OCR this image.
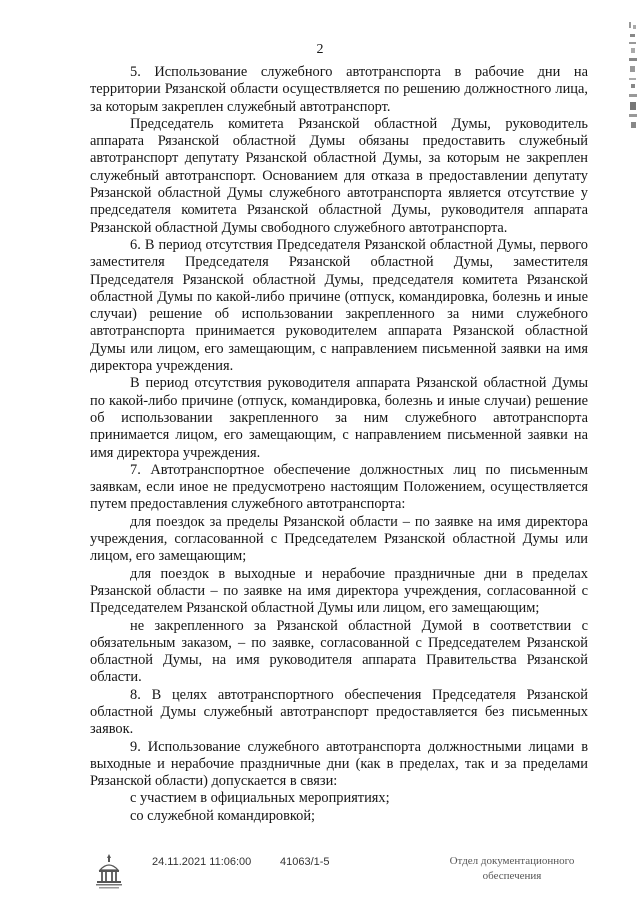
2

5. Использование служебного автотранспорта в рабочие дни на территории Рязанской области осуществляется по решению должностного лица, за которым закреплен служебный автотранспорт.

Председатель комитета Рязанской областной Думы, руководитель аппарата Рязанской областной Думы обязаны предоставить служебный автотранспорт депутату Рязанской областной Думы, за которым не закреплен служебный автотранспорт. Основанием для отказа в предоставлении депутату Рязанской областной Думы служебного автотранспорта является отсутствие у председателя комитета Рязанской областной Думы, руководителя аппарата Рязанской областной Думы свободного служебного автотранспорта.

6. В период отсутствия Председателя Рязанской областной Думы, первого заместителя Председателя Рязанской областной Думы, заместителя Председателя Рязанской областной Думы, председателя комитета Рязанской областной Думы по какой-либо причине (отпуск, командировка, болезнь и иные случаи) решение об использовании закрепленного за ними служебного автотранспорта принимается руководителем аппарата Рязанской областной Думы или лицом, его замещающим, с направлением письменной заявки на имя директора учреждения.

В период отсутствия руководителя аппарата Рязанской областной Думы по какой-либо причине (отпуск, командировка, болезнь и иные случаи) решение об использовании закрепленного за ним служебного автотранспорта принимается лицом, его замещающим, с направлением письменной заявки на имя директора учреждения.

7. Автотранспортное обеспечение должностных лиц по письменным заявкам, если иное не предусмотрено настоящим Положением, осуществляется путем предоставления служебного автотранспорта:

для поездок за пределы Рязанской области – по заявке на имя директора учреждения, согласованной с Председателем Рязанской областной Думы или лицом, его замещающим;

для поездок в выходные и нерабочие праздничные дни в пределах Рязанской области – по заявке на имя директора учреждения, согласованной с Председателем Рязанской областной Думы или лицом, его замещающим;

не закрепленного за Рязанской областной Думой в соответствии с обязательным заказом, – по заявке, согласованной с Председателем Рязанской областной Думы, на имя руководителя аппарата Правительства Рязанской области.

8. В целях автотранспортного обеспечения Председателя Рязанской областной Думы служебный автотранспорт предоставляется без письменных заявок.

9. Использование служебного автотранспорта должностными лицами в выходные и нерабочие праздничные дни (как в пределах, так и за пределами Рязанской области) допускается в связи:

с участием в официальных мероприятиях;

со служебной командировкой;

24.11.2021 11:06:00	41063/1-5	Отдел документационного
обеспечения
